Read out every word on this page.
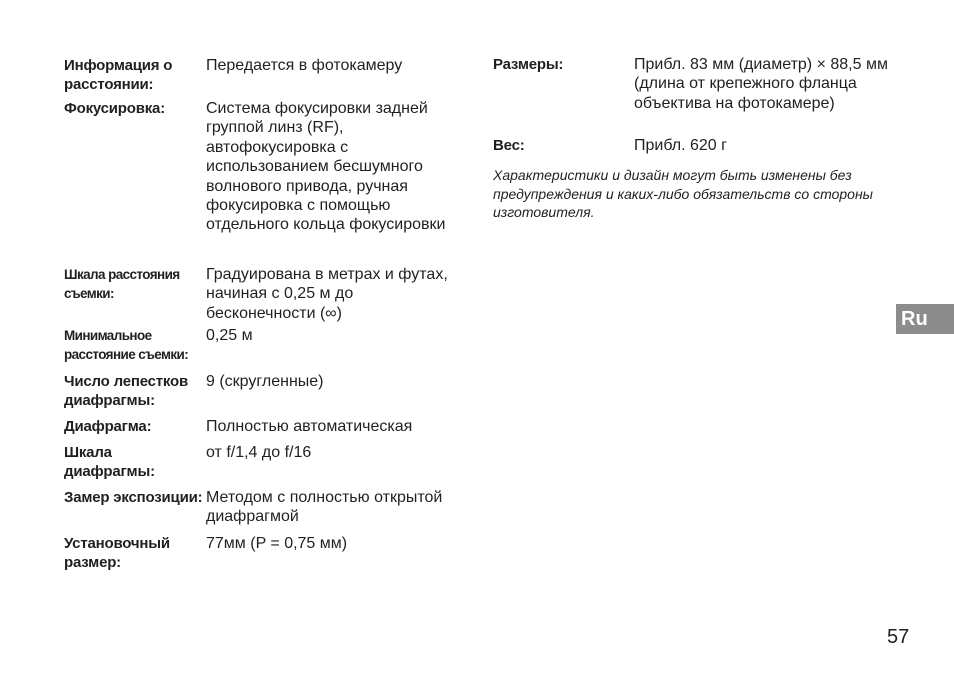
Информация о расстоянии:	Передается в фотокамеру
Фокусировка:	Система фокусировки задней группой линз (RF), автофокусировка с использованием бесшумного волнового привода, ручная фокусировка с помощью отдельного кольца фокусировки
Шкала расстояния съемки:	Градуирована в метрах и футах, начиная с 0,25 м до бесконечности (∞)
Минимальное расстояние съемки:	0,25 м
Число лепестков диафрагмы:	9 (скругленные)
Диафрагма:	Полностью автоматическая
Шкала диафрагмы:	от f/1,4 до f/16
Замер экспозиции:	Методом с полностью открытой диафрагмой
Установочный размер:	77мм (P = 0,75 мм)
Размеры:	Прибл. 83 мм (диаметр) × 88,5 мм (длина от крепежного фланца объектива на фотокамере)
Вес:	Прибл. 620 г

Характеристики и дизайн могут быть изменены без предупреждения и каких-либо обязательств со стороны изготовителя.

Ru
57
